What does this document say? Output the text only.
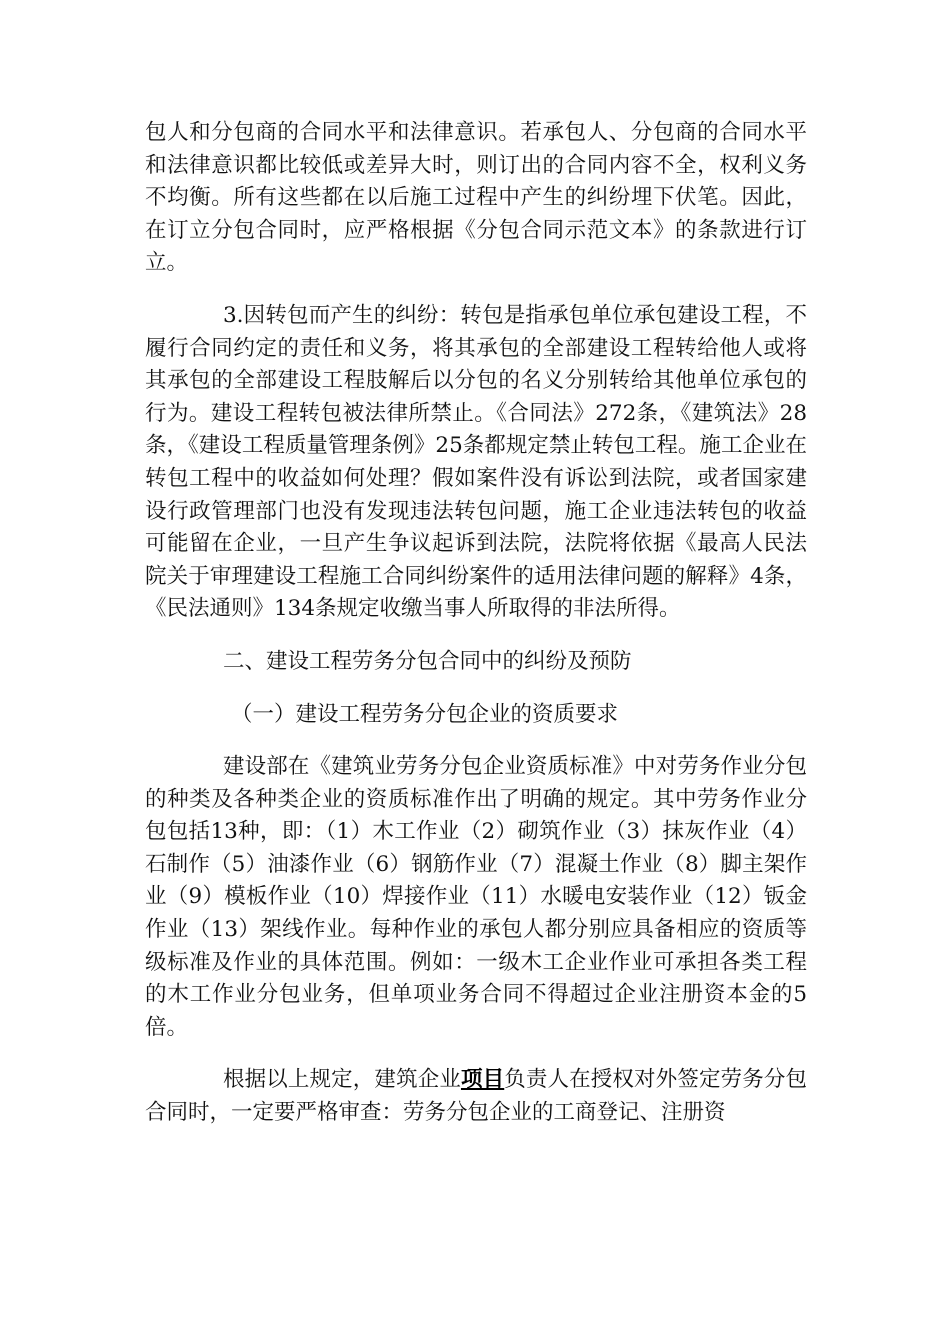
包人和分包商的合同水平和法律意识。若承包人、分包商的合同水平和法律意识都比较低或差异大时，则订出的合同内容不全，权利义务不均衡。所有这些都在以后施工过程中产生的纠纷埋下伏笔。因此，在订立分包合同时，应严格根据《分包合同示范文本》的条款进行订立。

3.因转包而产生的纠纷：转包是指承包单位承包建设工程，不履行合同约定的责任和义务，将其承包的全部建设工程转给他人或将其承包的全部建设工程肢解后以分包的名义分别转给其他单位承包的行为。建设工程转包被法律所禁止。《合同法》272条，《建筑法》28条，《建设工程质量管理条例》25条都规定禁止转包工程。施工企业在转包工程中的收益如何处理？假如案件没有诉讼到法院，或者国家建设行政管理部门也没有发现违法转包问题，施工企业违法转包的收益可能留在企业，一旦产生争议起诉到法院，法院将依据《最高人民法院关于审理建设工程施工合同纠纷案件的适用法律问题的解释》4条，《民法通则》134条规定收缴当事人所取得的非法所得。

二、建设工程劳务分包合同中的纠纷及预防

（一）建设工程劳务分包企业的资质要求

建设部在《建筑业劳务分包企业资质标准》中对劳务作业分包的种类及各种类企业的资质标准作出了明确的规定。其中劳务作业分包包括13种，即：（1）木工作业（2）砌筑作业（3）抹灰作业（4）石制作（5）油漆作业（6）钢筋作业（7）混凝土作业（8）脚主架作业（9）模板作业（10）焊接作业（11）水暖电安装作业（12）钣金作业（13）架线作业。每种作业的承包人都分别应具备相应的资质等级标准及作业的具体范围。例如：一级木工企业作业可承担各类工程的木工作业分包业务，但单项业务合同不得超过企业注册资本金的5倍。

根据以上规定，建筑企业项目负责人在授权对外签定劳务分包合同时，一定要严格审查：劳务分包企业的工商登记、注册资
